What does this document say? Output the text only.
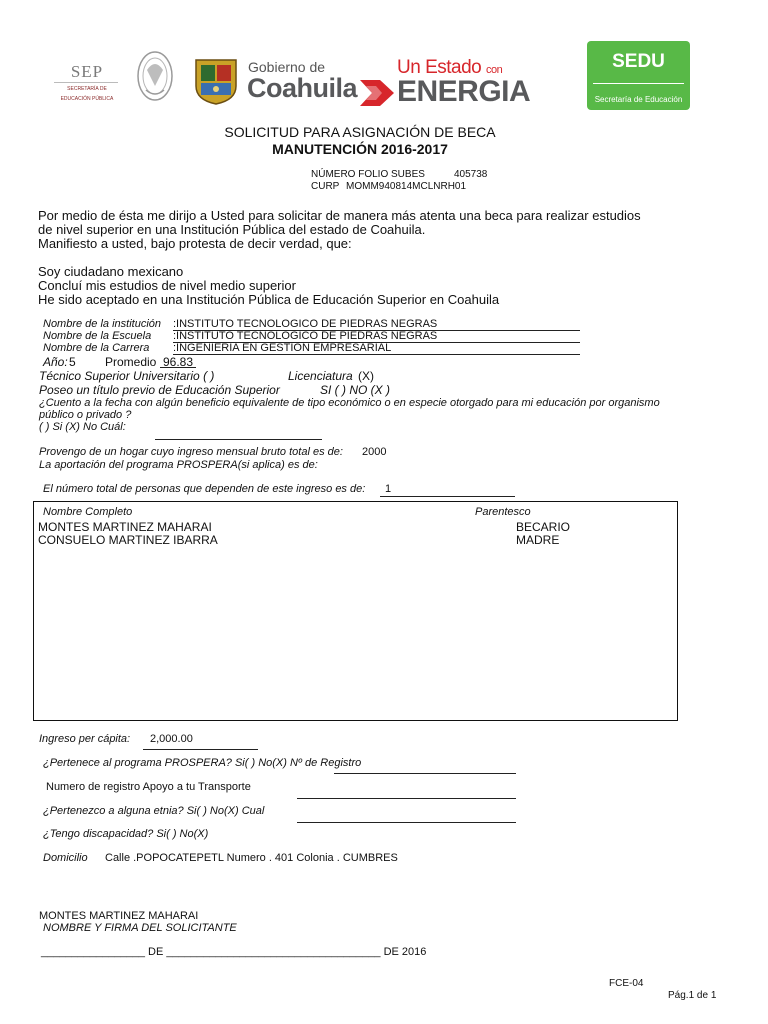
SEP
SECRETARÍA DE
EDUCACIÓN PÚBLICA
Gobierno de
Coahuila
Un Estado con
ENERGIA
SEDU
Secretaría de Educación
SOLICITUD PARA ASIGNACIÓN DE BECA
MANUTENCIÓN 2016-2017
NÚMERO FOLIO SUBES	405738
CURP MOMM940814MCLNRH01
Por medio de ésta me dirijo a Usted para solicitar de manera más atenta una beca para realizar estudios
de nivel superior en una Institución Pública del estado de Coahuila.
Manifiesto a usted, bajo protesta de decir verdad, que:
Soy ciudadano mexicano
Concluí mis estudios de nivel medio superior
He sido aceptado en una Institución Pública de Educación Superior en Coahuila
Nombre de la institución :INSTITUTO TECNOLOGICO DE PIEDRAS NEGRAS
Nombre de la Escuela :INSTITUTO TECNOLOGICO DE PIEDRAS NEGRAS
Nombre de la Carrera :INGENIERIA EN GESTION EMPRESARIAL
Año: 5 Promedio 96.83
Técnico Superior Universitario ( )	Licenciatura (X)
Poseo un título previo de Educación Superior	SI ( ) NO (X )
¿Cuento a la fecha con algún beneficio equivalente de tipo económico o en especie otorgado para mi educación por organismo
público o privado ?
( ) Si (X) No Cuál:
Provengo de un hogar cuyo ingreso mensual bruto total es de: 2000
La aportación del programa PROSPERA(si aplica) es de:
El número total de personas que dependen de este ingreso es de: 1
Nombre Completo	Parentesco
MONTES MARTINEZ MAHARAI	BECARIO
CONSUELO MARTINEZ IBARRA	MADRE
Ingreso per cápita: 2,000.00
¿Pertenece al programa PROSPERA? Si( ) No(X) Nº de Registro
Numero de registro Apoyo a tu Transporte
¿Pertenezco a alguna etnia? Si( ) No(X) Cual
¿Tengo discapacidad? Si( ) No(X)
Domicilio Calle .POPOCATEPETL Numero . 401 Colonia . CUMBRES
MONTES MARTINEZ MAHARAI
NOMBRE Y FIRMA DEL SOLICITANTE
_________________ DE ___________________________________ DE 2016
FCE-04
Pág.1 de 1
